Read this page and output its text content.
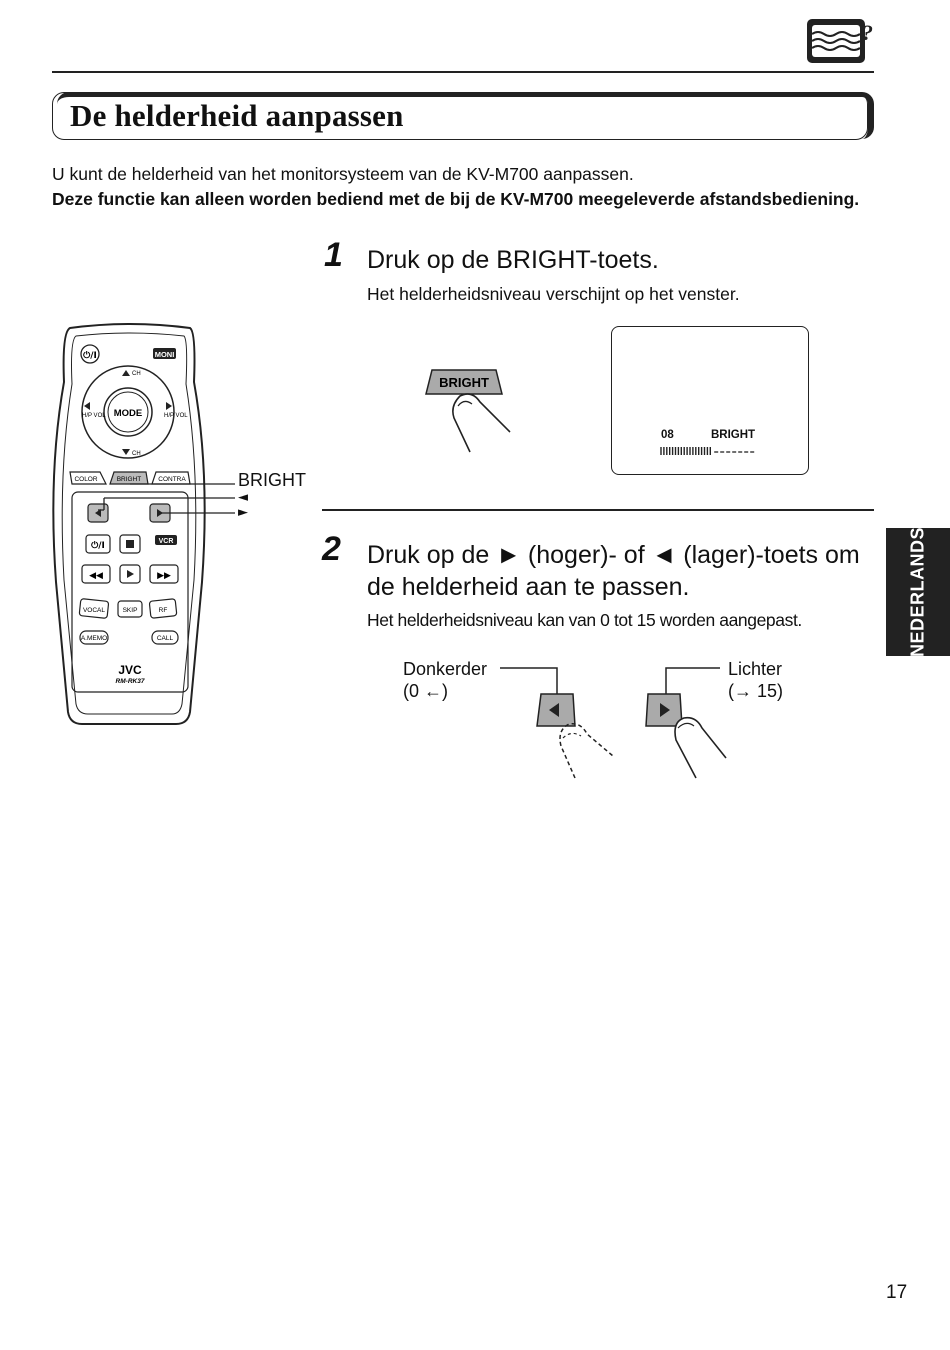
?
De helderheid aanpassen
U kunt de helderheid van het monitorsysteem van de KV-M700 aanpassen.
Deze functie kan alleen worden bediend met de bij de KV-M700 meegeleverde afstandsbediening.
NEDERLANDS
⏻/I	MONI
MODE
CH
CH
H/P VOL	H/P VOL
COLOR	BRIGHT	CONTRA
⏻/I	VCR
◀◀	▶▶
VOCAL	SKIP	RF
A.MEMO	CALL
JVC
RM-RK37
BRIGHT
◄
►
1 Druk op de BRIGHT-toets.
Het helderheidsniveau verschijnt op het venster.
BRIGHT
08	BRIGHT
2 Druk op de ► (hoger)- of ◄ (lager)-toets om
de helderheid aan te passen.
Het helderheidsniveau kan van 0 tot 15 worden aangepast.
Donkerder
(0 ←)
Lichter
(→ 15)
17
